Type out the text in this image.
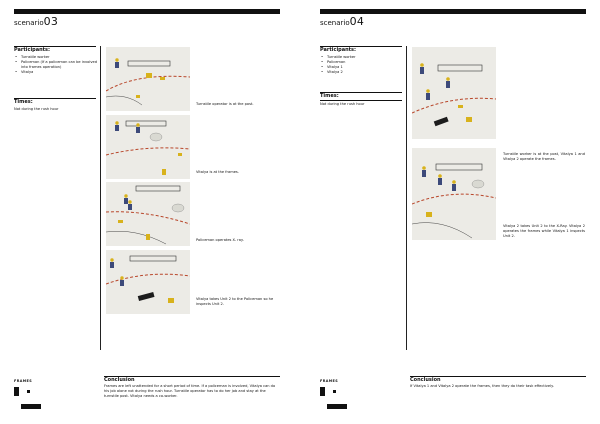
scenario03
Participants:
• Turnstile worker
• Policeman (If a policeman can be involved into frames operation)
• Vitalya
Times:
Not during the rush hour
Turnstile operator is at the post.
Vitalya is at the frames.
Policeman operates X- ray.
Vitalya takes Unit 2 to the Policeman so he inspects Unit 2.
FRAMES	Conclusion
Frames are left unattended for a short period of time. If a policeman is involved, Vitalya can do his job alone not during the rush hour. Turnstile operator has to do her job and stay at the turnstile post. Vitalya needs a co-worker.
scenario04
Participants:
• Turnstile worker
• Policeman
• Vitalya 1
• Vitalya 2
Times:
Not during the rush hour
Turnstile worker is at the post, Vitalya 1 and Vitalya 2 operate the frames.
Vitalya 2 takes Unit 2 to the X-Ray. Vitalya 2 operates the frames while Vitalya 1 inspects Unit 2.
FRAMES	Conclusion
If Vitalya 1 and Vitalya 2 operate the frames, then they do their task effectively.
